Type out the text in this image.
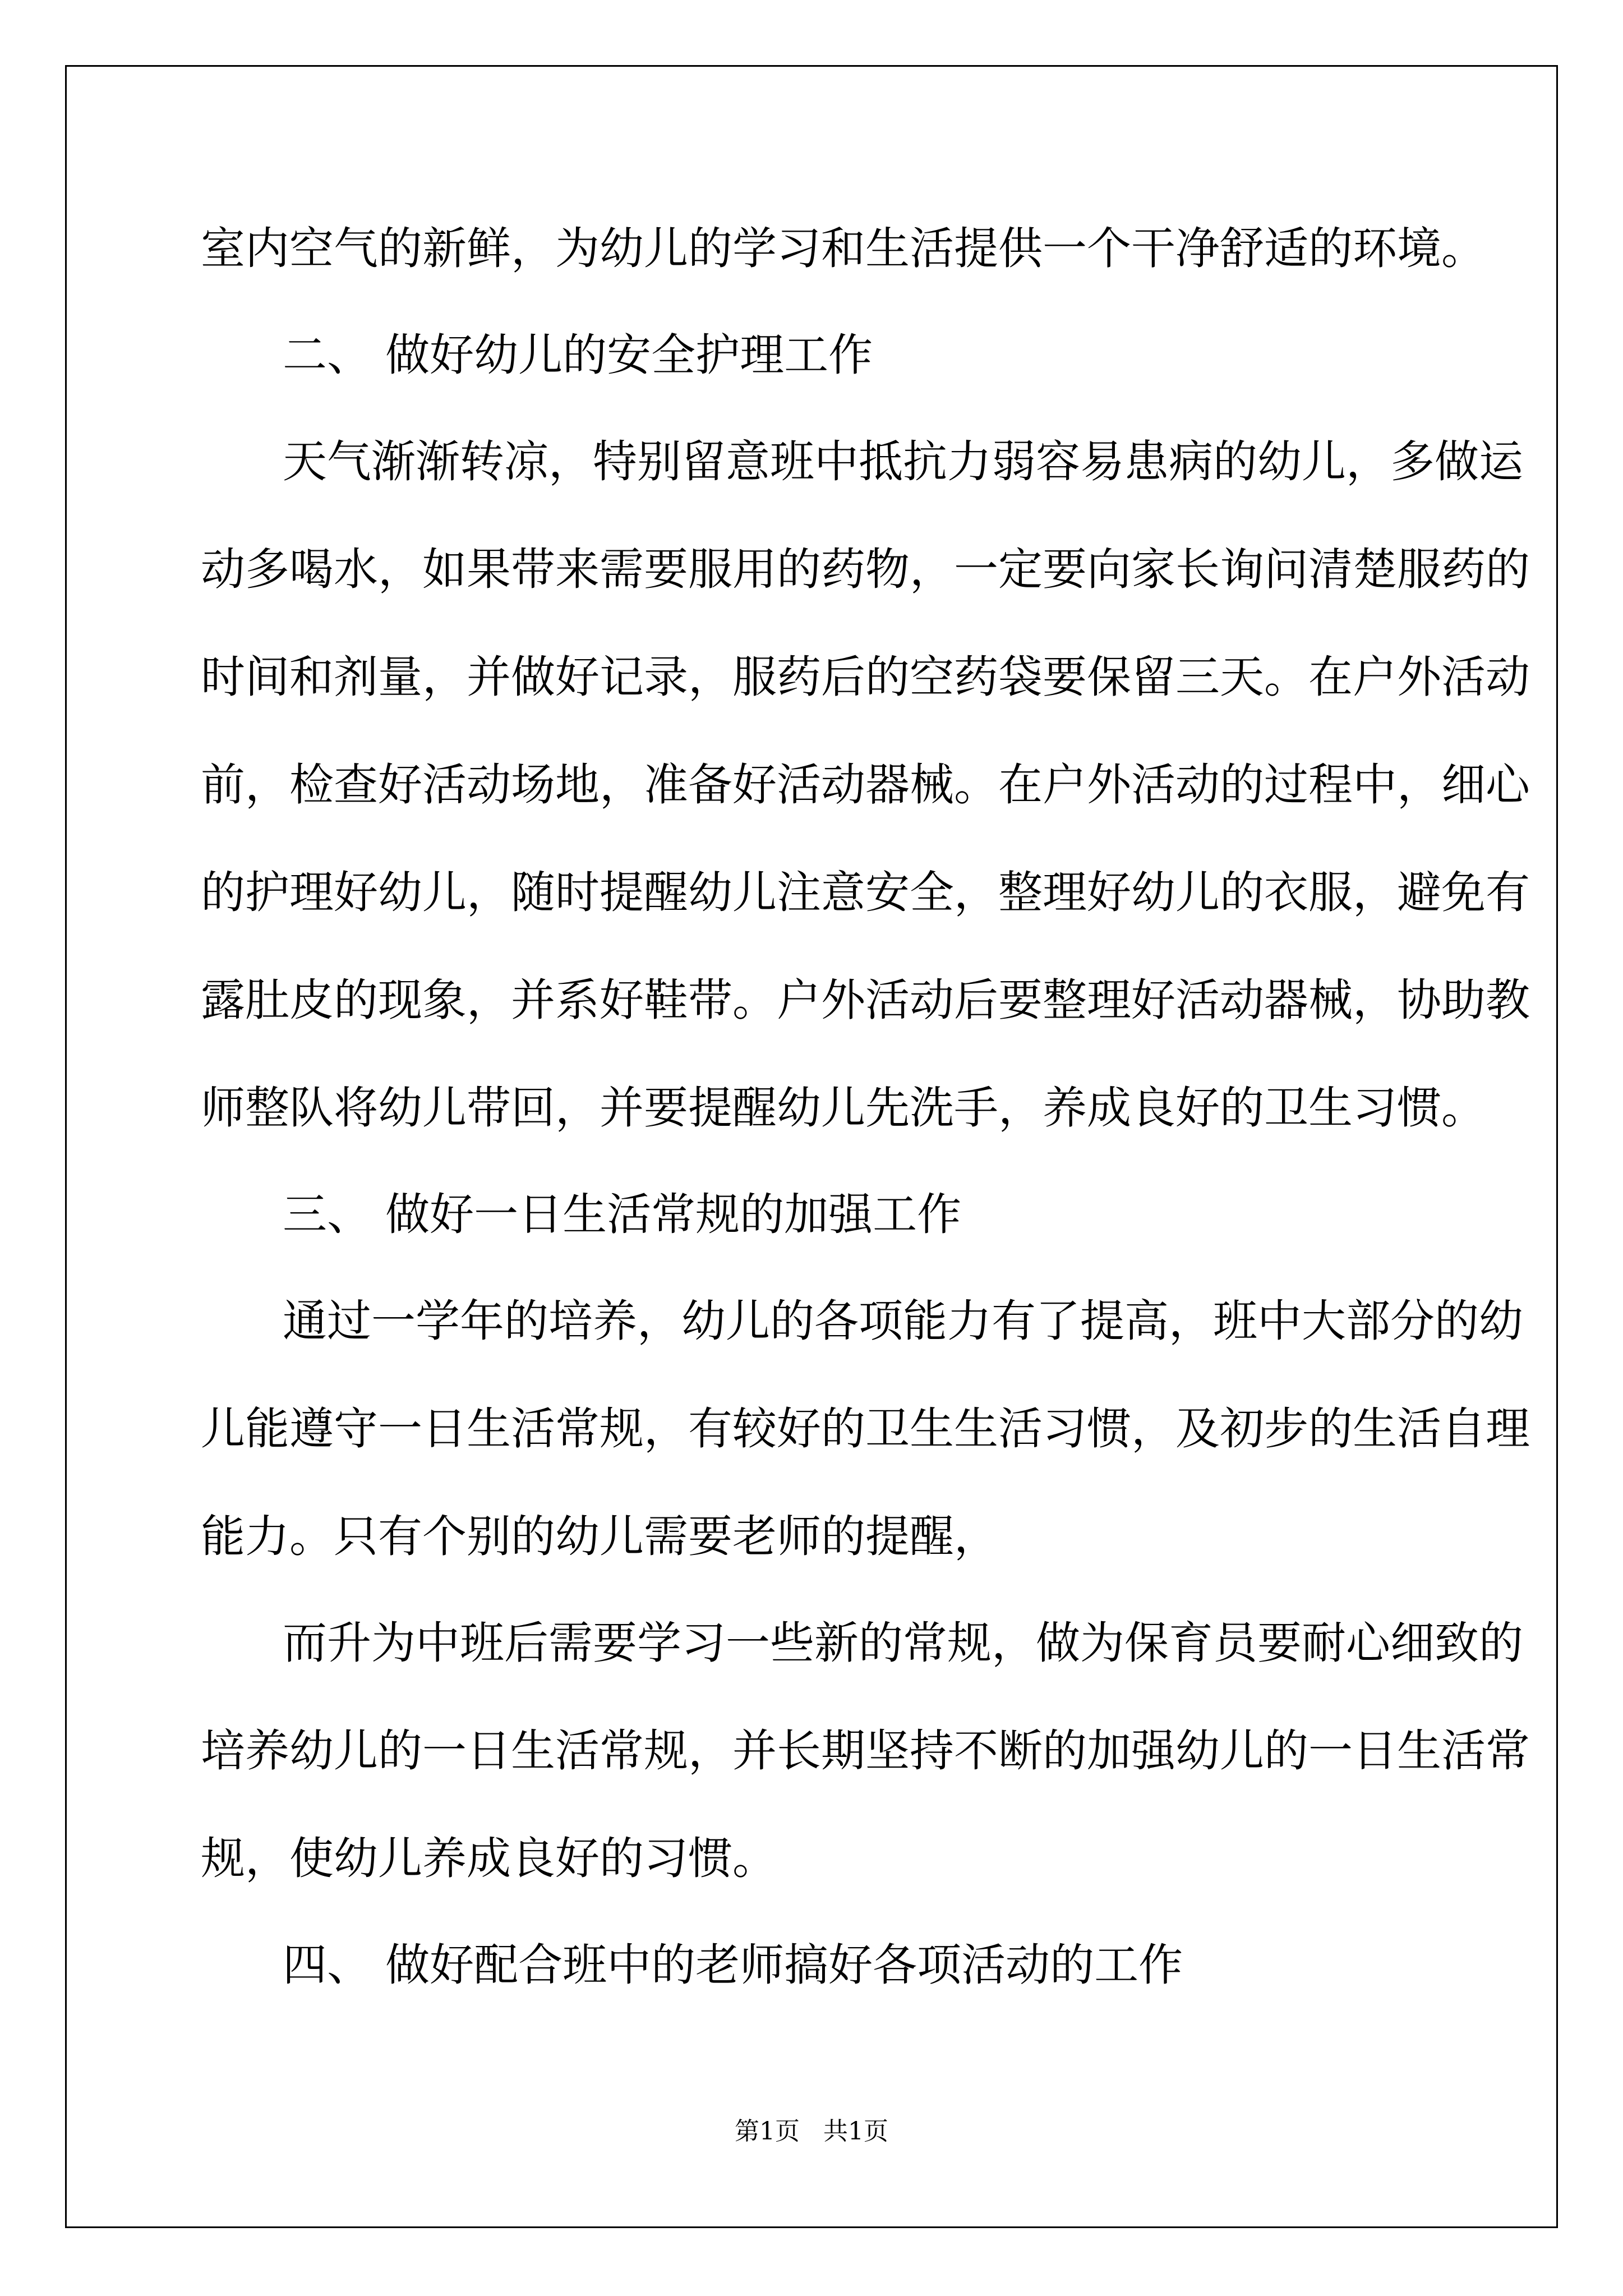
室内空气的新鲜，为幼儿的学习和生活提供一个干净舒适的环境。

二、 做好幼儿的安全护理工作

天气渐渐转凉，特别留意班中抵抗力弱容易患病的幼儿，多做运

动多喝水，如果带来需要服用的药物，一定要向家长询问清楚服药的

时间和剂量，并做好记录，服药后的空药袋要保留三天。在户外活动

前，检查好活动场地，准备好活动器械。在户外活动的过程中，细心

的护理好幼儿，随时提醒幼儿注意安全，整理好幼儿的衣服，避免有

露肚皮的现象，并系好鞋带。户外活动后要整理好活动器械，协助教

师整队将幼儿带回，并要提醒幼儿先洗手，养成良好的卫生习惯。

三、 做好一日生活常规的加强工作

通过一学年的培养，幼儿的各项能力有了提高，班中大部分的幼

儿能遵守一日生活常规，有较好的卫生生活习惯，及初步的生活自理

能力。只有个别的幼儿需要老师的提醒，

而升为中班后需要学习一些新的常规，做为保育员要耐心细致的

培养幼儿的一日生活常规，并长期坚持不断的加强幼儿的一日生活常

规，使幼儿养成良好的习惯。

四、 做好配合班中的老师搞好各项活动的工作

第1页   共1页
